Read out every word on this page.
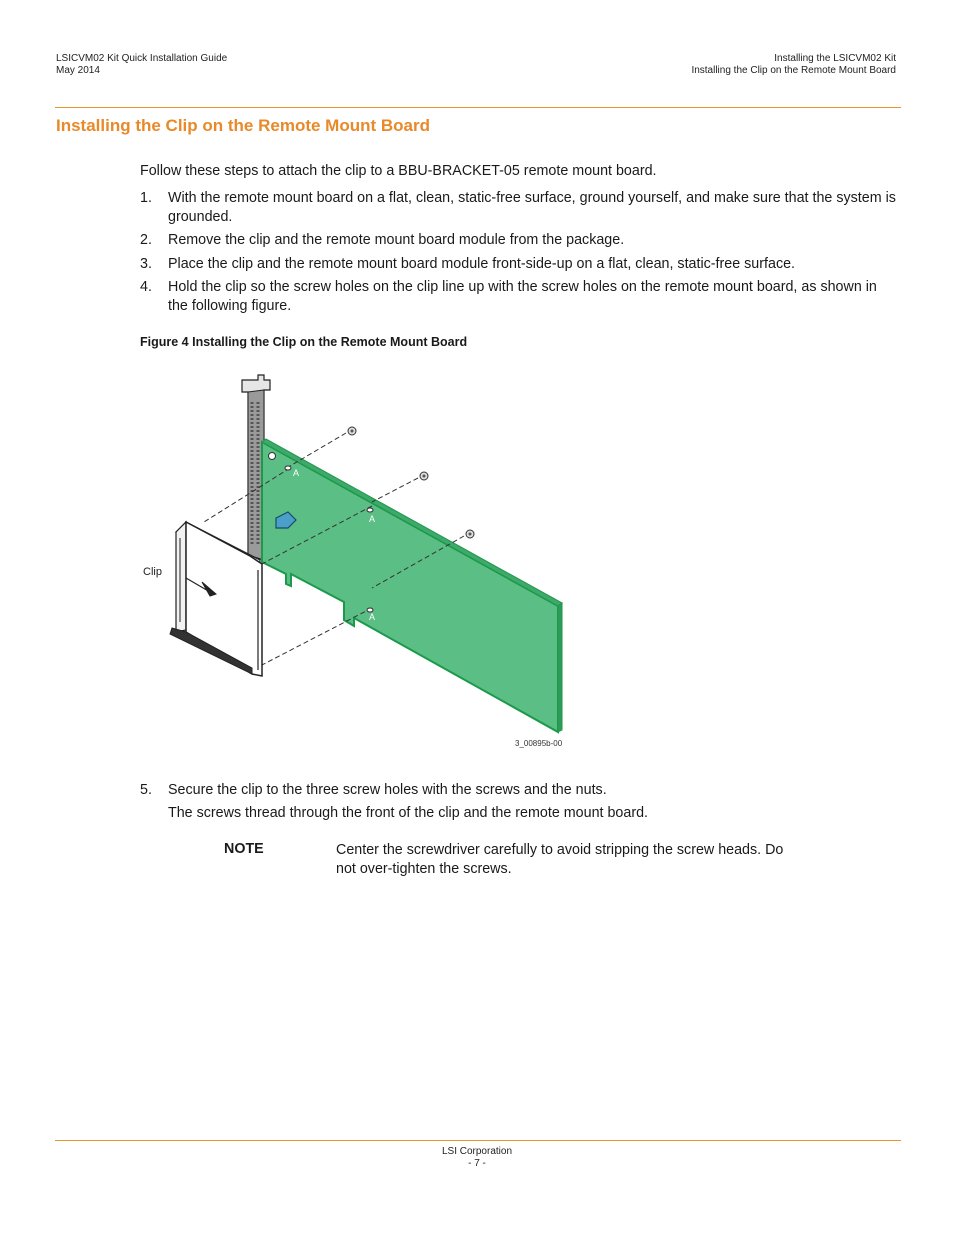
LSICVM02 Kit Quick Installation Guide
May 2014
Installing the LSICVM02 Kit
Installing the Clip on the Remote Mount Board
Installing the Clip on the Remote Mount Board
Follow these steps to attach the clip to a BBU-BRACKET-05 remote mount board.
1. With the remote mount board on a flat, clean, static-free surface, ground yourself, and make sure that the system is grounded.
2. Remove the clip and the remote mount board module from the package.
3. Place the clip and the remote mount board module front-side-up on a flat, clean, static-free surface.
4. Hold the clip so the screw holes on the clip line up with the screw holes on the remote mount board, as shown in the following figure.
Figure 4 Installing the Clip on the Remote Mount Board
A
A
A
Clip
3_00895b-00
5.	Secure the clip to the three screw holes with the screws and the nuts.
The screws thread through the front of the clip and the remote mount board.
NOTE	Center the screwdriver carefully to avoid stripping the screw heads. Do not over-tighten the screws.
LSI Corporation
- 7 -
